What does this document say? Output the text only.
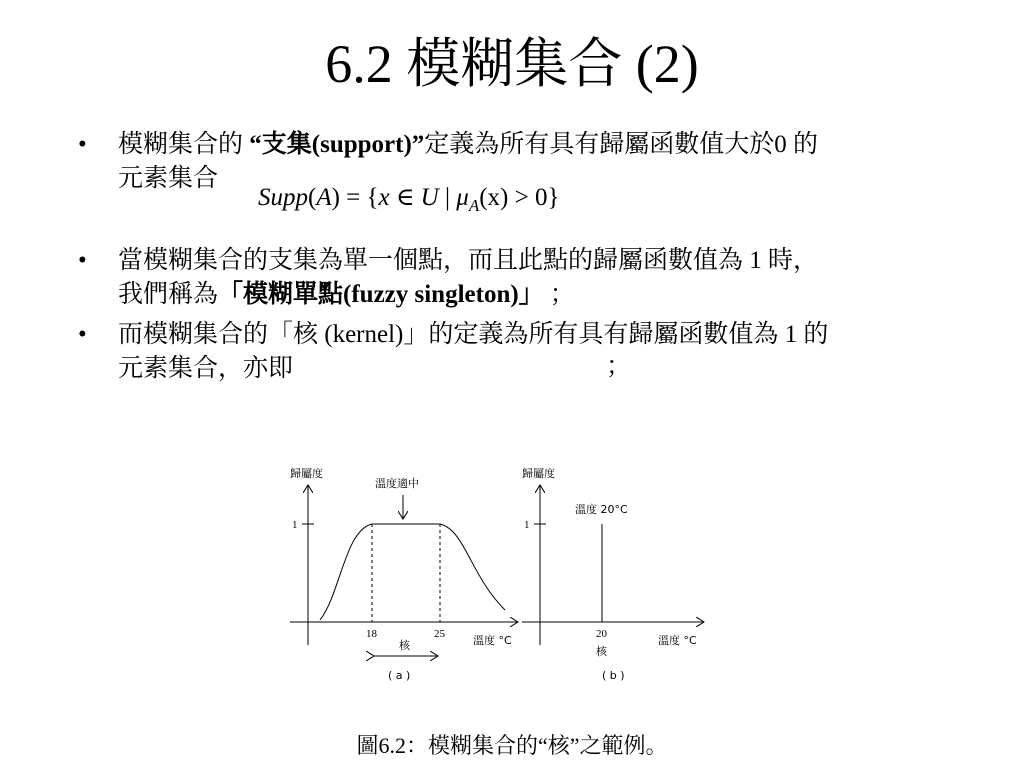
6.2 模糊集合 (2)
•	模糊集合的 “支集(support)”定義為所有具有歸屬函數值大於0 的
元素集合
Supp(A) = {x ∈ U | $\mu_A(x) > 0$}
•	當模糊集合的支集為單一個點，而且此點的歸屬函數值為 1 時，
我們稱為「模糊單點(fuzzy singleton)」 ；
•	而模糊集合的「核 (kernel)」的定義為所有具有歸屬函數值為 1 的
元素集合，亦即	；
歸屬度
1
溫度適中
18	25
核	溫度 °C
( a )
歸屬度
1
溫度 20°C
20
核
溫度 °C
( b )
圖6.2：模糊集合的“核”之範例。
